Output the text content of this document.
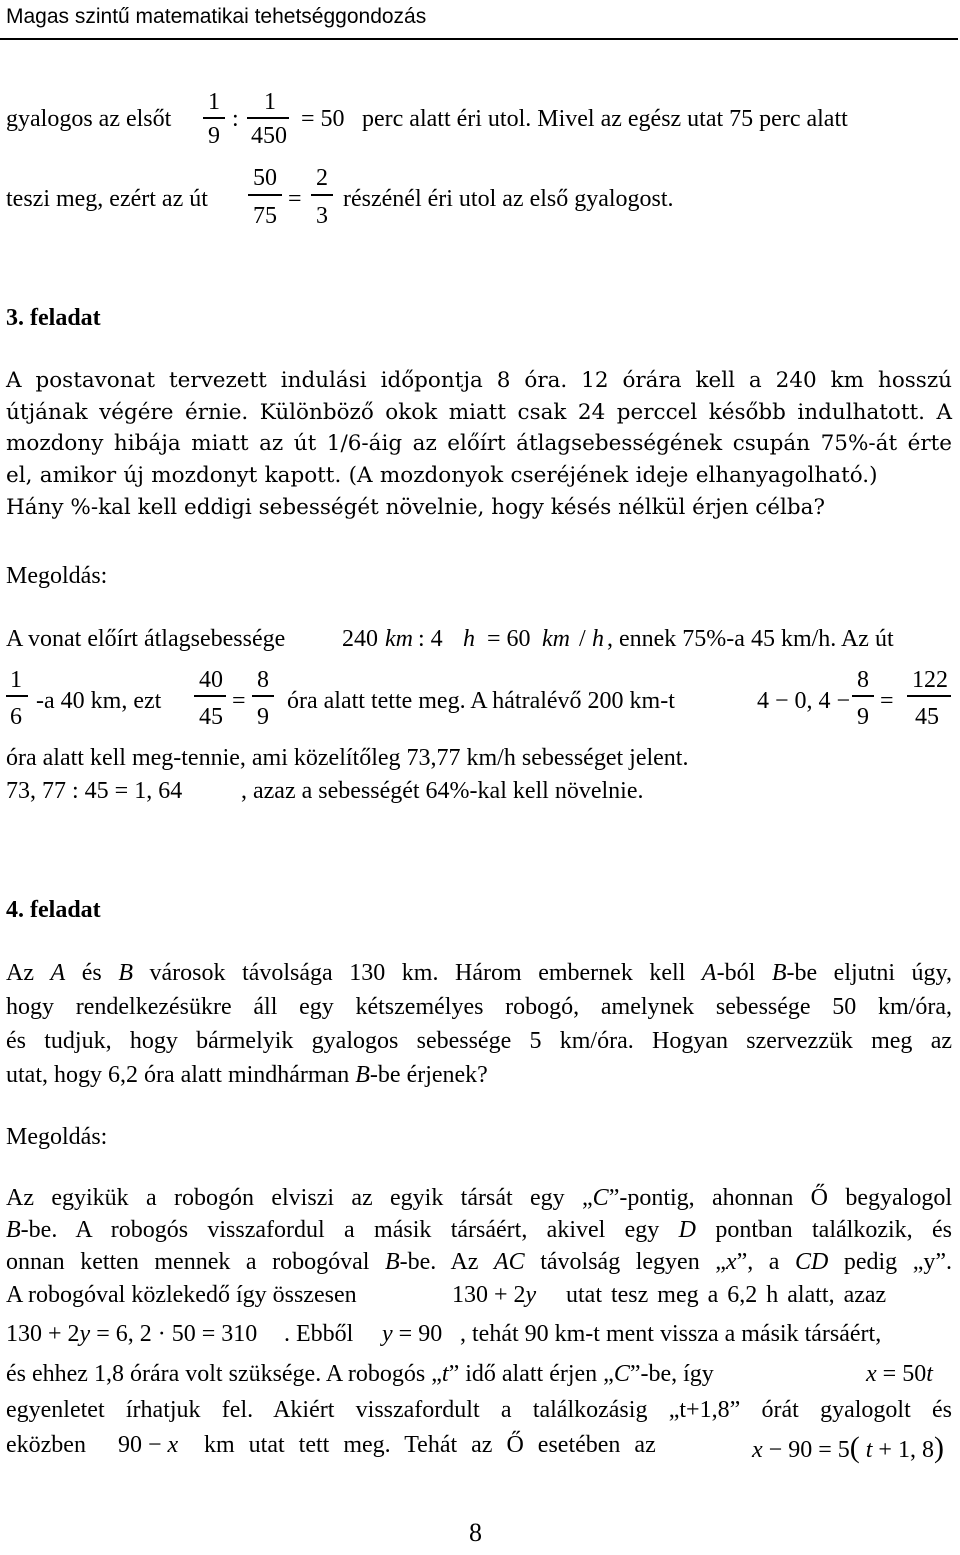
Magas szintű matematikai tehetséggondozás
gyalogos az elsőt
1
9
:
1
450
= 50 perc alatt éri utol. Mivel az egész utat 75 perc alatt
teszi meg, ezért az út
50
75
=
2
3
részénél éri utol az első gyalogost.
3. feladat
A postavonat tervezett indulási időpontja 8 óra. 12 órára kell a 240 km hosszú
útjának végére érnie. Különböző okok miatt csak 24 perccel később indulhatott. A
mozdony hibája miatt az út 1/6-áig az előírt átlagsebességének csupán 75%-át érte
el, amikor új mozdonyt kapott. (A mozdonyok cseréjének ideje elhanyagolható.)
Hány %-kal kell eddigi sebességét növelnie, hogy késés nélkül érjen célba?
Megoldás:
A vonat előírt átlagsebessége 240 km : 4 h = 60 km / h , ennek 75%-a 45 km/h. Az út
1
6
-a 40 km, ezt
40
45
=
8
9
óra alatt tette meg. A hátralévő 200 km-t	4 − 0, 4 −
8
9
=
122
45
óra alatt kell meg-tennie, ami közelítőleg 73,77 km/h sebességet jelent.
73, 77 : 45 = 1, 64 , azaz a sebességét 64%-kal kell növelnie.
4. feladat
Az A és B városok távolsága 130 km. Három embernek kell A-ból B-be eljutni úgy,
hogy rendelkezésükre áll egy kétszemélyes robogó, amelynek sebessége 50 km/óra,
és tudjuk, hogy bármelyik gyalogos sebessége 5 km/óra. Hogyan szervezzük meg az
utat, hogy 6,2 óra alatt mindhárman B-be érjenek?
Megoldás:
Az egyikük a robogón elviszi az egyik társát egy „C”-pontig, ahonnan Ő begyalogol
B-be. A robogós visszafordul a másik társáért, akivel egy D pontban találkozik, és
onnan ketten mennek a robogóval B-be. Az AC távolság legyen „x”, a CD pedig „y”.
A robogóval közlekedő így összesen	130 + 2y utat tesz meg a 6,2 h alatt, azaz
130 + 2y = 6, 2 · 50 = 310 . Ebből y = 90 , tehát 90 km-t ment vissza a másik társáért,
és ehhez 1,8 órára volt szüksége. A robogós „t” idő alatt érjen „C”-be, így	x = 50t
egyenletet írhatjuk fel. Akiért visszafordult a találkozásig „t+1,8” órát gyalogolt és
eközben 90 − x km utat tett meg. Tehát az Ő esetében az	x − 90 = 5( t + 1, 8)
8
